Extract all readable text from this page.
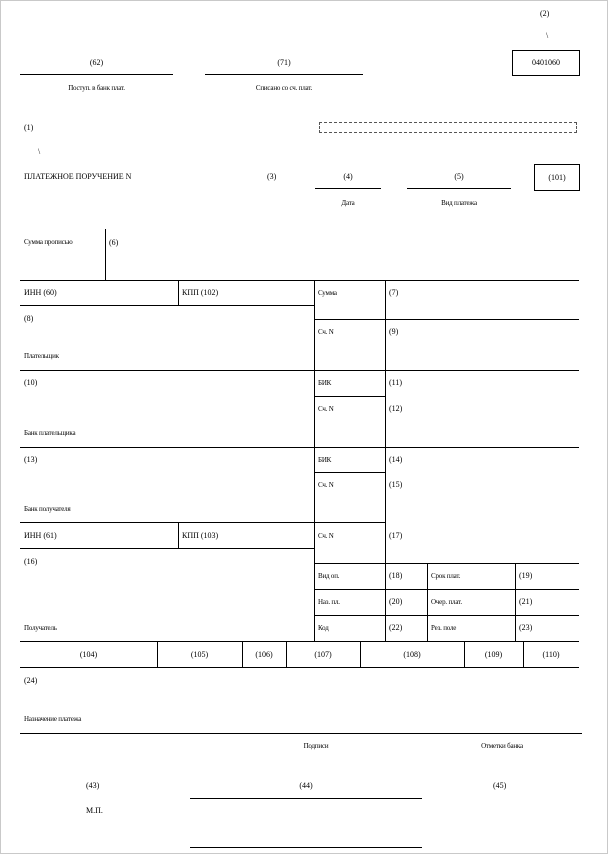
(2)
\
0401060
(62)
Поступ. в банк плат.
(71)
Списано со сч. плат.
(1)
\
ПЛАТЕЖНОЕ ПОРУЧЕНИЕ N	(3)	(4)
Дата
(5)
Вид платежа
(101)
Сумма прописью	(6)
ИНН (60)	КПП (102)	Сумма	(7)
(8)
Сч. N	(9)
Плательщик
(10)	БИК	(11)
Сч. N	(12)
Банк плательщика
(13)	БИК	(14)
Сч. N	(15)
Банк получателя
ИНН (61)	КПП (103)	Сч. N	(17)
(16)
Получатель
Вид оп.	(18)	Срок плат.	(19)
Наз. пл.	(20)	Очер. плат.	(21)
Код	(22)	Рез. поле	(23)
(104)	(105)	(106)	(107)	(108)	(109)	(110)
(24)
Назначение платежа
Подписи	Отметки банка
(43)	(44)	(45)
М.П.
